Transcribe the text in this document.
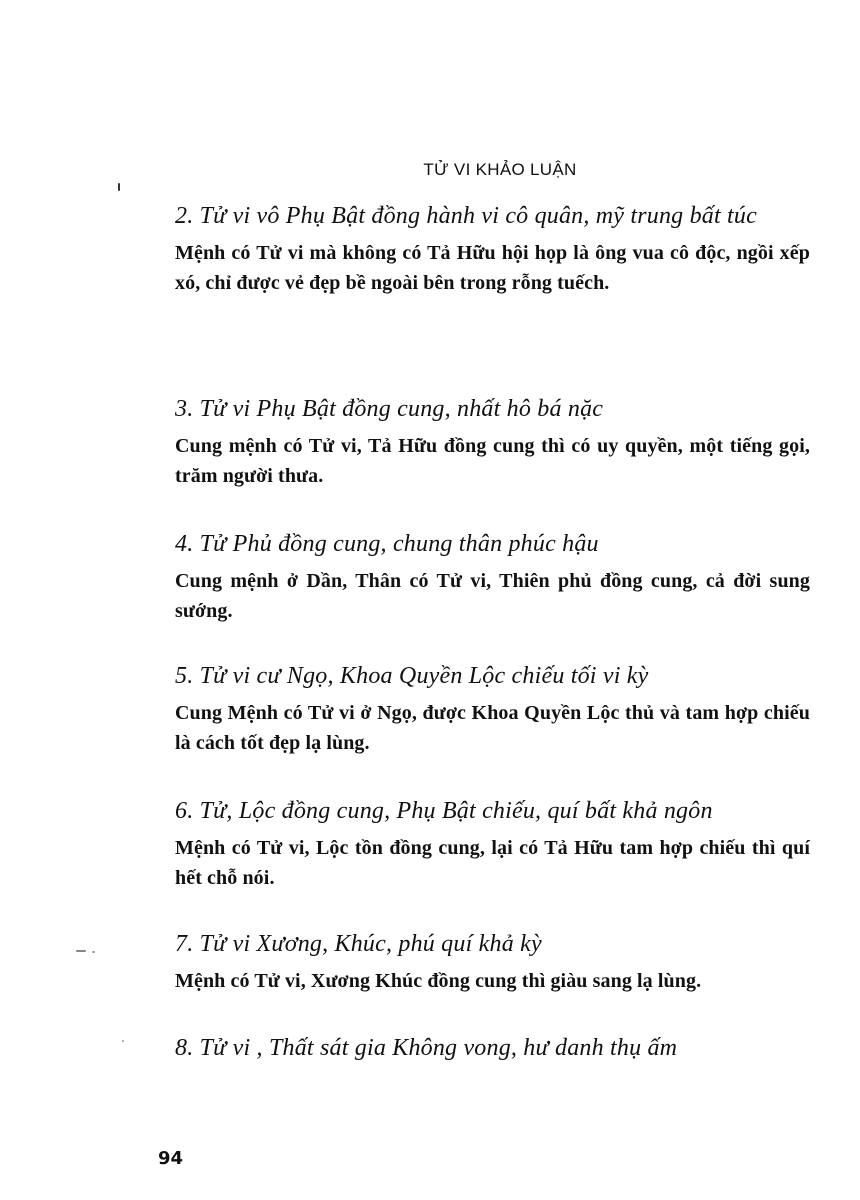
TỬ VI KHẢO LUẬN
2. Tử vi vô Phụ Bật đồng hành vi cô quân, mỹ trung bất túc

Mệnh có Tử vi mà không có Tả Hữu hội họp là ông vua cô độc, ngồi xếp xó, chỉ được vẻ đẹp bề ngoài bên trong rỗng tuếch.

3. Tử vi Phụ Bật đồng cung, nhất hô bá nặc

Cung mệnh có Tử vi, Tả Hữu đồng cung thì có uy quyền, một tiếng gọi, trăm người thưa.

4. Tử Phủ đồng cung, chung thân phúc hậu

Cung mệnh ở Dần, Thân có Tử vi, Thiên phủ đồng cung, cả đời sung sướng.

5. Tử vi cư Ngọ, Khoa Quyền Lộc chiếu tối vi kỳ

Cung Mệnh có Tử vi ở Ngọ, được Khoa Quyền Lộc thủ và tam hợp chiếu là cách tốt đẹp lạ lùng.

6. Tử, Lộc đồng cung, Phụ Bật chiếu, quí bất khả ngôn

Mệnh có Tử vi, Lộc tồn đồng cung, lại có Tả Hữu tam hợp chiếu thì quí hết chỗ nói.

7. Tử vi Xương, Khúc, phú quí khả kỳ

Mệnh có Tử vi, Xương Khúc đồng cung thì giàu sang lạ lùng.

8. Tử vi , Thất sát gia Không vong, hư danh thụ ấm
94
